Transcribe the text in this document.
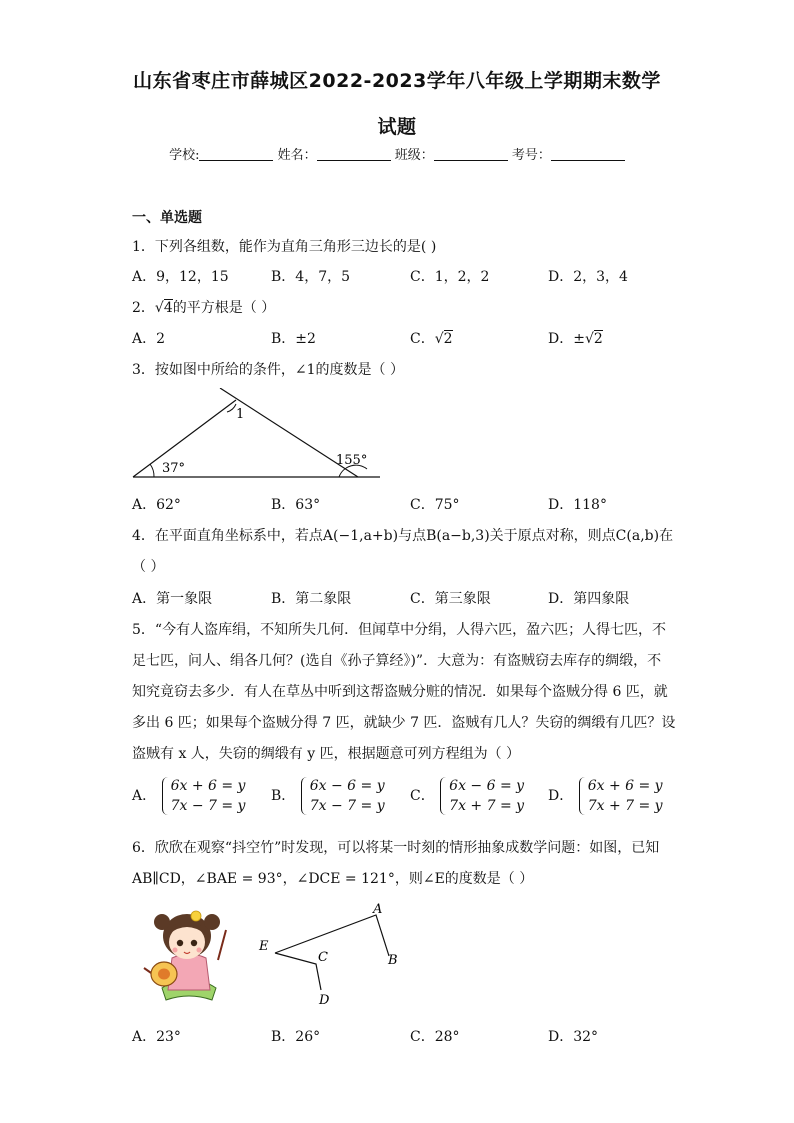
山东省枣庄市薛城区2022-2023学年八年级上学期期末数学
试题
学校:	姓名：	班级：	考号：
一、单选题
1．下列各组数，能作为直角三角形三边长的是( )
A．9，12，15	B．4，7，5	C．1，2，2	D．2，3，4
2．√4的平方根是（ ）
A．2	B．±2	C．√2	D．±√2
3．按如图中所给的条件，∠1的度数是（ ）
1
37°
155°
A．62°	B．63°	C．75°	D．118°
4．在平面直角坐标系中，若点A(−1,a+b)与点B(a−b,3)关于原点对称，则点C(a,b)在
（ ）
A．第一象限	B．第二象限	C．第三象限	D．第四象限
5．“今有人盗库绢，不知所失几何．但闻草中分绢，人得六匹，盈六匹；人得七匹，不
足七匹，问人、绢各几何？(选自《孙子算经》)”．大意为：有盗贼窃去库存的绸缎，不
知究竟窃去多少．有人在草丛中听到这帮盗贼分赃的情况．如果每个盗贼分得 6 匹，就
多出 6 匹；如果每个盗贼分得 7 匹，就缺少 7 匹．盗贼有几人？失窃的绸缎有几匹？设
盗贼有 x 人，失窃的绸缎有 y 匹，根据题意可列方程组为（ ）
A． 6x + 6 = y
7x − 7 = y
B． 6x − 6 = y
7x − 7 = y
C． 6x − 6 = y
7x + 7 = y
D． 6x + 6 = y
7x + 7 = y
6．欣欣在观察“抖空竹”时发现，可以将某一时刻的情形抽象成数学问题：如图，已知
AB∥CD，∠BAE = 93°，∠DCE = 121°，则∠E的度数是（ ）
A
B
C
D
E
A．23°	B．26°	C．28°	D．32°
